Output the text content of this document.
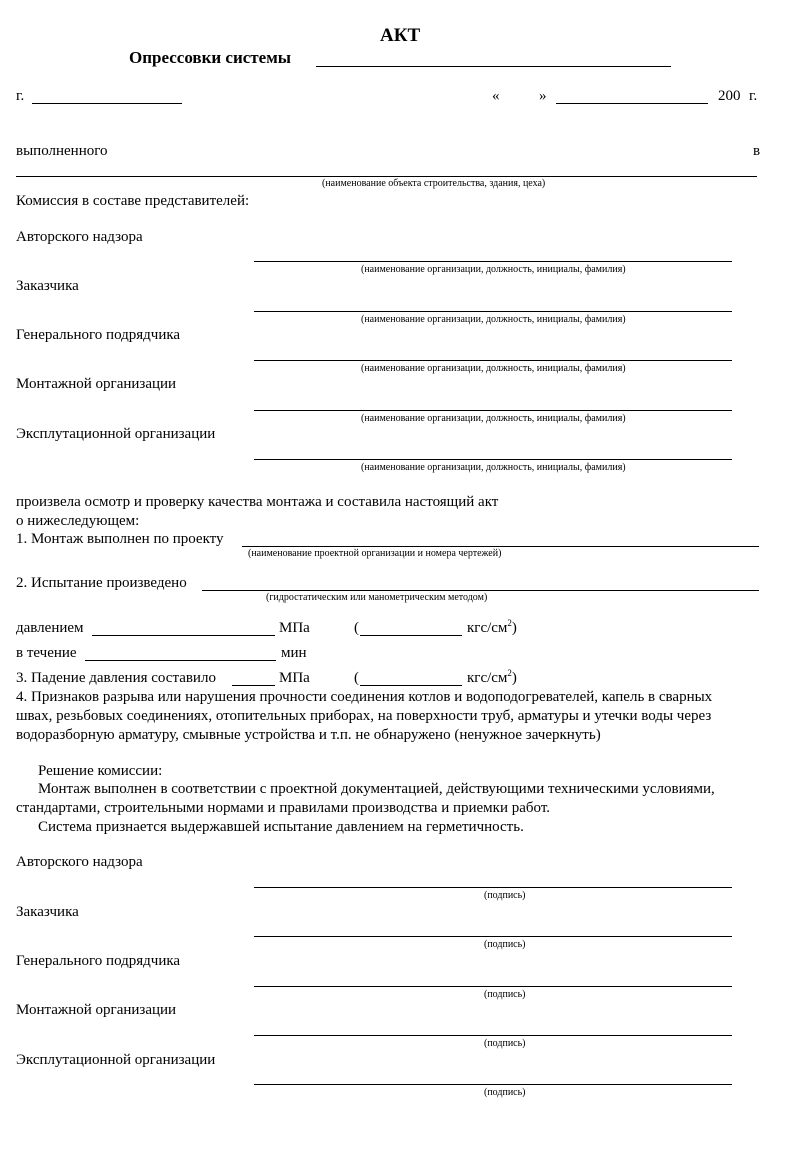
АКТ
Опрессовки системы
г.	«	»	200 г.
выполненного	в
(наименование объекта строительства, здания, цеха)
Комиссия в составе представителей:
Авторского надзора
(наименование организации, должность, инициалы, фамилия)
Заказчика
(наименование организации, должность, инициалы, фамилия)
Генерального подрядчика
(наименование организации, должность, инициалы, фамилия)
Монтажной организации
(наименование организации, должность, инициалы, фамилия)
Эксплутационной организации
(наименование организации, должность, инициалы, фамилия)
произвела осмотр и проверку качества монтажа и составила настоящий акт
о нижеследующем:
1. Монтаж выполнен по проекту
(наименование проектной организации и номера чертежей)
2. Испытание произведено
(гидростатическим или манометрическим методом)
давлением	МПа	(	кгс/$см^2$)
в течение	мин
3. Падение давления составило	МПа	(	кгс/$см^2$)
4. Признаков разрыва или нарушения прочности соединения котлов и водоподогревателей, капель в сварных
швах, резьбовых соединениях, отопительных приборах, на поверхности труб, арматуры и утечки воды через
водоразборную арматуру, смывные устройства и т.п. не обнаружено (ненужное зачеркнуть)
Решение комиссии:
Монтаж выполнен в соответствии с проектной документацией, действующими техническими условиями,
стандартами, строительными нормами и правилами производства и приемки работ.
Система признается выдержавшей испытание давлением на герметичность.
Авторского надзора
(подпись)
Заказчика
(подпись)
Генерального подрядчика
(подпись)
Монтажной организации
(подпись)
Эксплутационной организации
(подпись)
